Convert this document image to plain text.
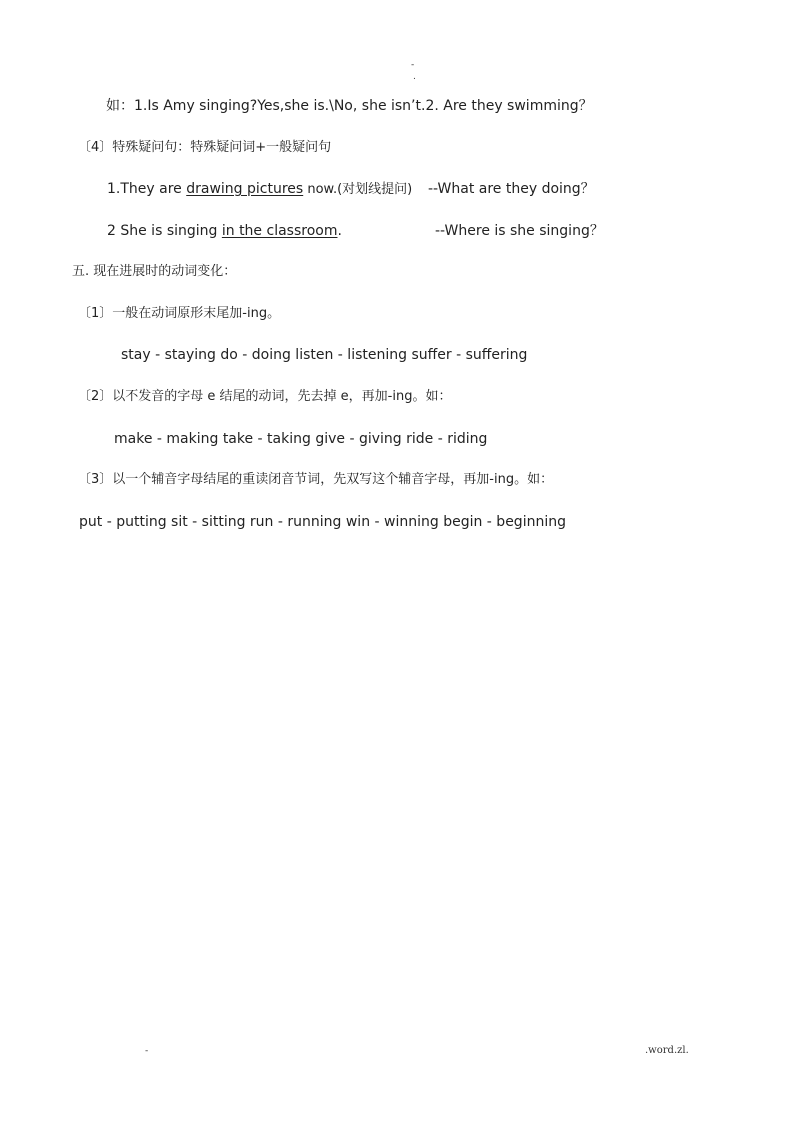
-
.
如：1.Is Amy singing?Yes,she is.\No, she isn’t.2. Are they swimming？
〔4〕特殊疑问句：特殊疑问词+一般疑问句
1.They are drawing pictures now.(对划线提问) --What are they doing？
2 She is singing in the classroom.	--Where is she singing？
五. 现在进展时的动词变化：
〔1〕一般在动词原形末尾加-ing。
stay - staying do - doing listen - listening suffer - suffering
〔2〕以不发音的字母 e 结尾的动词，先去掉 e，再加-ing。如：
make - making take - taking give - giving ride - riding
〔3〕以一个辅音字母结尾的重读闭音节词，先双写这个辅音字母，再加-ing。如：
put - putting sit - sitting run - running win - winning begin - beginning
-	.word.zl.
